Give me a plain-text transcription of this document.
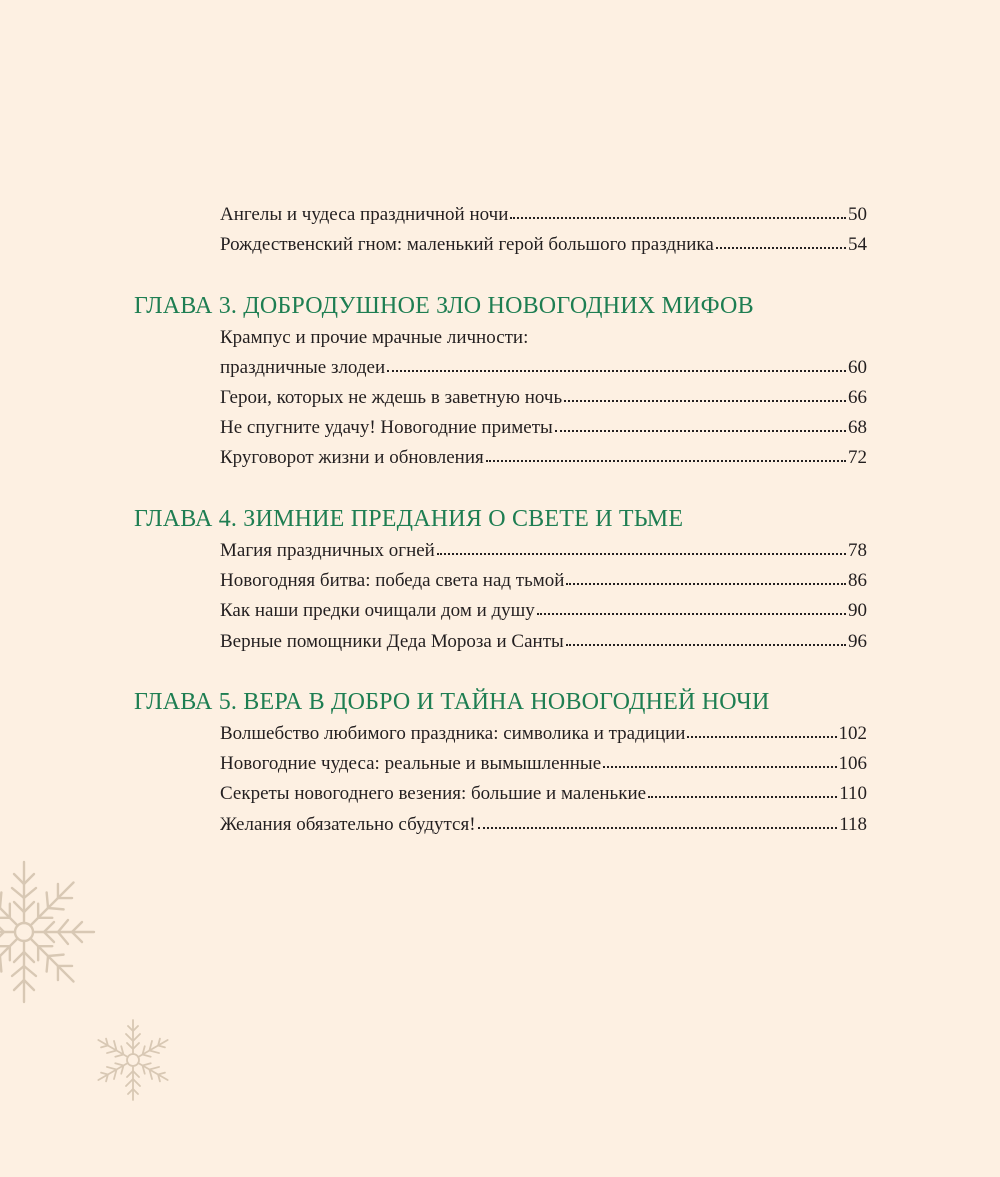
Ангелы и чудеса праздничной ночи	50
Рождественский гном: маленький герой большого праздника	54
ГЛАВА 3. ДОБРОДУШНОЕ ЗЛО НОВОГОДНИХ МИФОВ
Крампус и прочие мрачные личности:
праздничные злодеи	60
Герои, которых не ждешь в заветную ночь	66
Не спугните удачу! Новогодние приметы	68
Круговорот жизни и обновления	72
ГЛАВА 4. ЗИМНИЕ ПРЕДАНИЯ О СВЕТЕ И ТЬМЕ
Магия праздничных огней	78
Новогодняя битва: победа света над тьмой	86
Как наши предки очищали дом и душу	90
Верные помощники Деда Мороза и Санты	96
ГЛАВА 5. ВЕРА В ДОБРО И ТАЙНА НОВОГОДНЕЙ НОЧИ
Волшебство любимого праздника: символика и традиции	102
Новогодние чудеса: реальные и вымышленные	106
Секреты новогоднего везения: большие и маленькие	110
Желания обязательно сбудутся!	118
